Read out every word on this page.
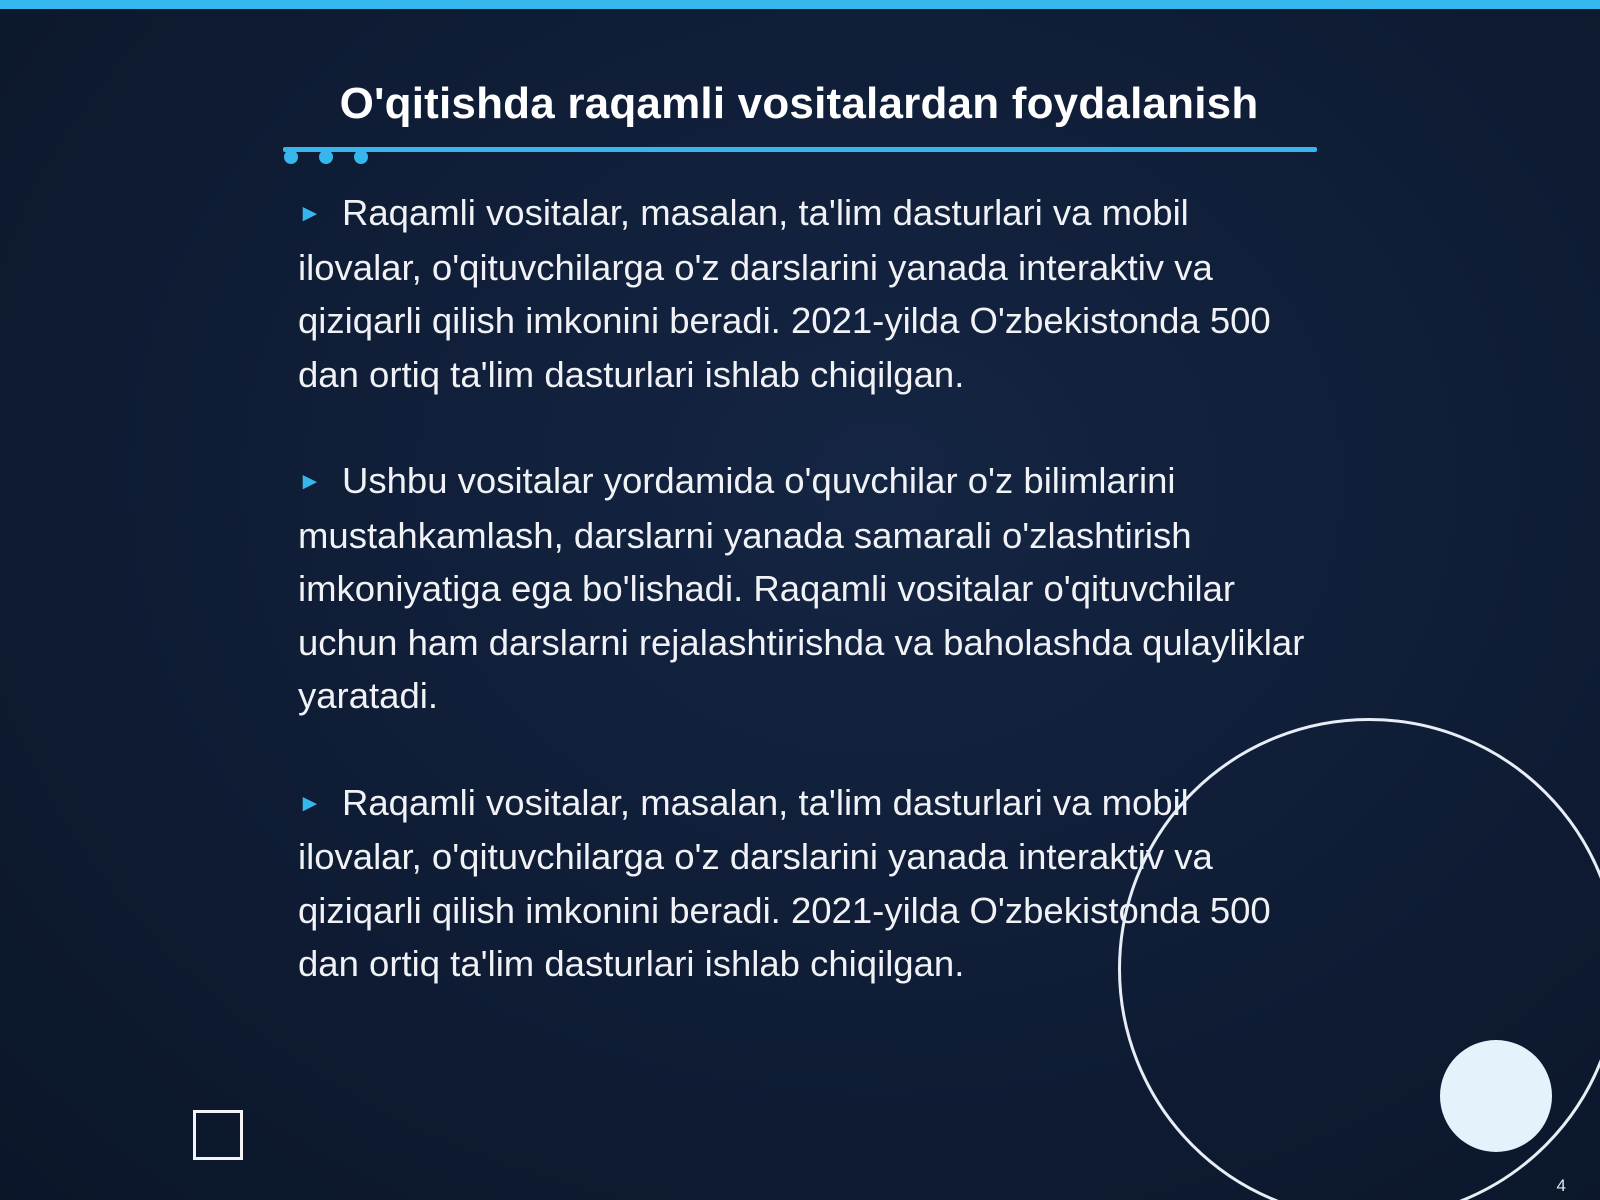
O'qitishda raqamli vositalardan foydalanish
► Raqamli vositalar, masalan, ta'lim dasturlari va mobil ilovalar, o'qituvchilarga o'z darslarini yanada interaktiv va qiziqarli qilish imkonini beradi. 2021-yilda O'zbekistonda 500 dan ortiq ta'lim dasturlari ishlab chiqilgan.
► Ushbu vositalar yordamida o'quvchilar o'z bilimlarini mustahkamlash, darslarni yanada samarali o'zlashtirish imkoniyatiga ega bo'lishadi. Raqamli vositalar o'qituvchilar uchun ham darslarni rejalashtirishda va baholashda qulayliklar yaratadi.
► Raqamli vositalar, masalan, ta'lim dasturlari va mobil ilovalar, o'qituvchilarga o'z darslarini yanada interaktiv va qiziqarli qilish imkonini beradi. 2021-yilda O'zbekistonda 500 dan ortiq ta'lim dasturlari ishlab chiqilgan.
4
